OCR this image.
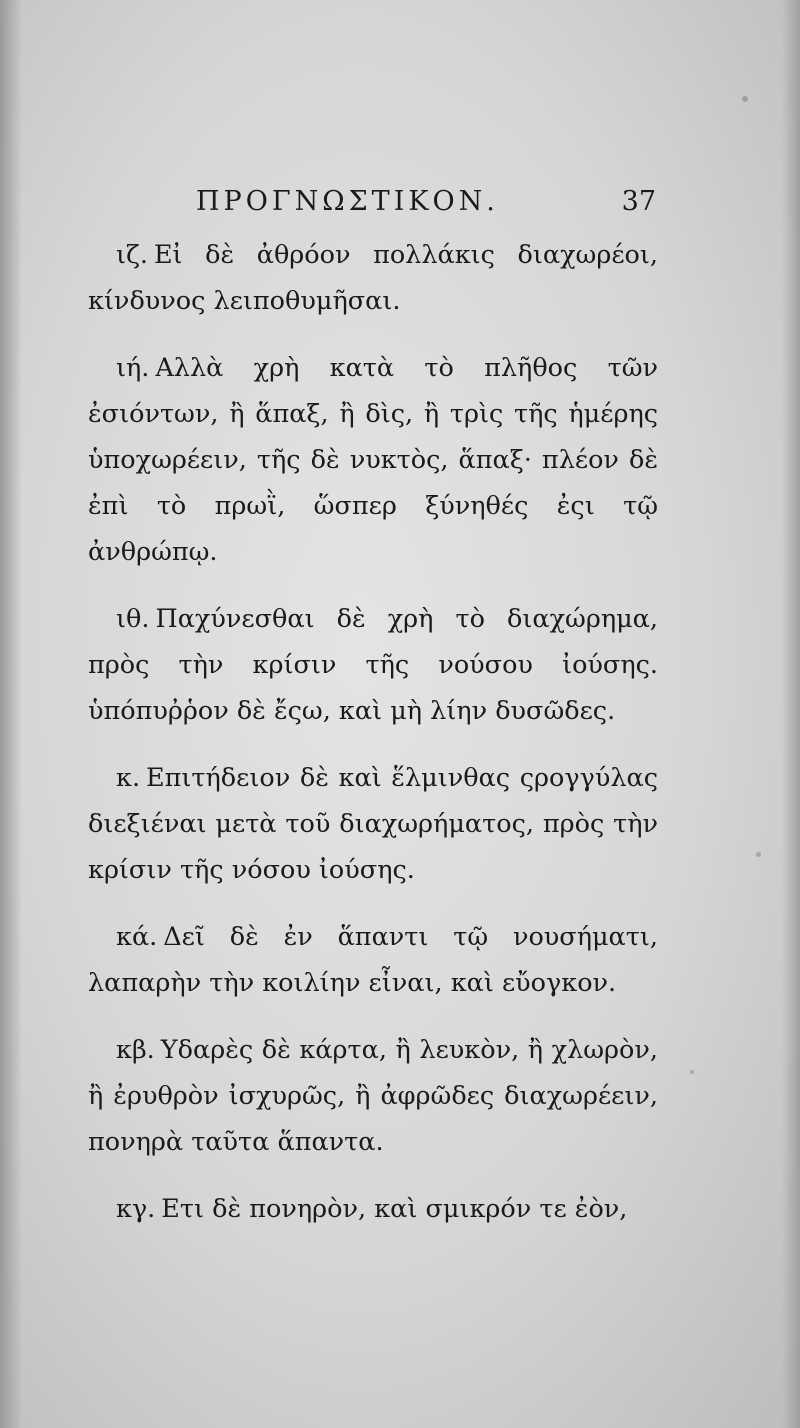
ΠΡΟΓΝΩΣΤΙΚΟΝ.	37

ιζ. Εἰ δὲ ἀθρόον πολλάκις διαχωρέοι, κίνδυνος λειποθυμῆσαι.

ιή. Αλλὰ χρὴ κατὰ τὸ πλῆθος τῶν ἐσιόντων, ἢ ἅπαξ, ἢ δὶς, ἢ τρὶς τῆς ἡμέρης ὑποχωρέειν, τῆς δὲ νυκτὸς, ἅπαξ· πλέον δὲ ἐπὶ τὸ πρωῒ, ὥσπερ ξύνηθές ἐςι τῷ ἀνθρώπῳ.

ιθ. Παχύνεσθαι δὲ χρὴ τὸ διαχώρημα, πρὸς τὴν κρίσιν τῆς νούσου ἰούσης. ὑπόπυῤῥον δὲ ἔςω, καὶ μὴ λίην δυσῶδες.

κ. Επιτήδειον δὲ καὶ ἕλμινθας ςρογγύλας διεξιέναι μετὰ τοῦ διαχωρήματος, πρὸς τὴν κρίσιν τῆς νόσου ἰούσης.

κά. Δεῖ δὲ ἐν ἅπαντι τῷ νουσήματι, λαπαρὴν τὴν κοιλίην εἶναι, καὶ εὔογκον.

κβ. Υδαρὲς δὲ κάρτα, ἢ λευκὸν, ἢ χλωρὸν, ἢ ἐρυθρὸν ἰσχυρῶς, ἢ ἀφρῶδες διαχωρέειν, πονηρὰ ταῦτα ἅπαντα.

κγ. Ετι δὲ πονηρὸν, καὶ σμικρόν τε ἐὸν,
